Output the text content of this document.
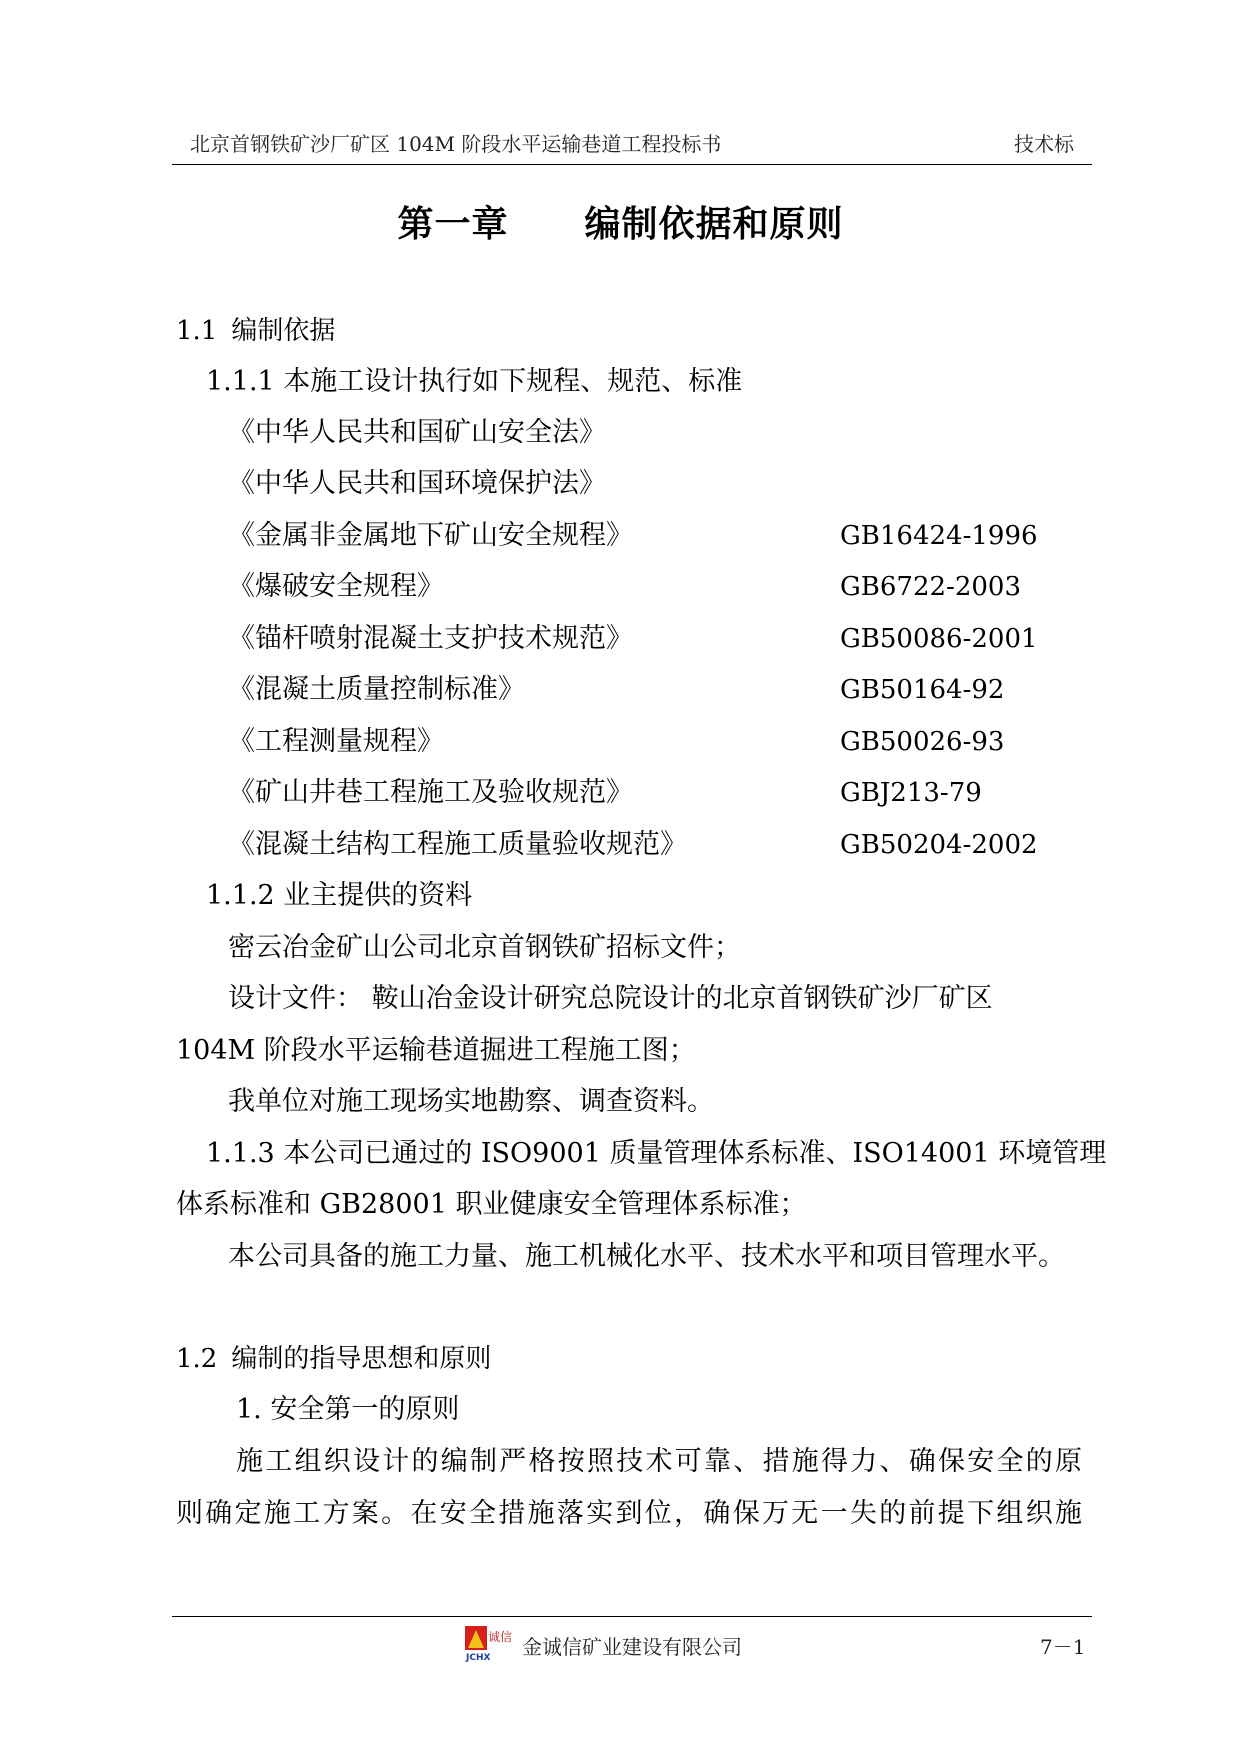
北京首钢铁矿沙厂矿区 104M 阶段水平运输巷道工程投标书	技术标
第一章 编制依据和原则
1.1 编制依据
1.1.1 本施工设计执行如下规程、规范、标准
《中华人民共和国矿山安全法》
《中华人民共和国环境保护法》
《金属非金属地下矿山安全规程》	GB16424-1996
《爆破安全规程》	GB6722-2003
《锚杆喷射混凝土支护技术规范》	GB50086-2001
《混凝土质量控制标准》	GB50164-92
《工程测量规程》	GB50026-93
《矿山井巷工程施工及验收规范》	GBJ213-79
《混凝土结构工程施工质量验收规范》	GB50204-2002
1.1.2 业主提供的资料
密云冶金矿山公司北京首钢铁矿招标文件；
设计文件： 鞍山冶金设计研究总院设计的北京首钢铁矿沙厂矿区
104M 阶段水平运输巷道掘进工程施工图；
我单位对施工现场实地勘察、调查资料。
1.1.3 本公司已通过的 ISO9001 质量管理体系标准、ISO14001 环境管理
体系标准和 GB28001 职业健康安全管理体系标准；
本公司具备的施工力量、施工机械化水平、技术水平和项目管理水平。
1.2 编制的指导思想和原则
1. 安全第一的原则
施工组织设计的编制严格按照技术可靠、措施得力、确保安全的原
则确定施工方案。在安全措施落实到位，确保万无一失的前提下组织施
诚信
JCHX 金诚信矿业建设有限公司	7－1
